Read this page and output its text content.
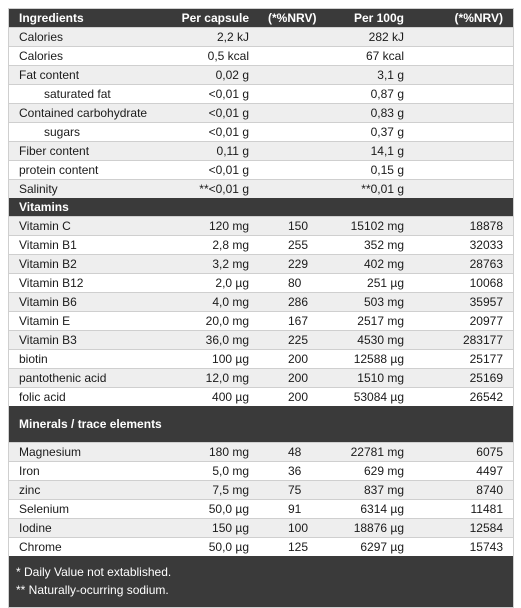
Ingredients	Per capsule	(*%NRV)	Per 100g	(*%NRV)
Calories	2,2 kJ		282 kJ	
Calories	0,5 kcal		67 kcal	
Fat content	0,02 g		3,1 g	
saturated fat	<0,01 g		0,87 g	
Contained carbohydrate	<0,01 g		0,83 g	
sugars	<0,01 g		0,37 g	
Fiber content	0,11 g		14,1 g	
protein content	<0,01 g		0,15 g	
Salinity	**<0,01 g		**0,01 g	
Vitamins				
Vitamin C	120 mg	150	15102 mg	18878
Vitamin B1	2,8 mg	255	352 mg	32033
Vitamin B2	3,2 mg	229	402 mg	28763
Vitamin B12	2,0 µg	80	251 µg	10068
Vitamin B6	4,0 mg	286	503 mg	35957
Vitamin E	20,0 mg	167	2517 mg	20977
Vitamin B3	36,0 mg	225	4530 mg	283177
biotin	100 µg	200	12588 µg	25177
pantothenic acid	12,0 mg	200	1510 mg	25169
folic acid	400 µg	200	53084 µg	26542
Minerals / trace elements				
Magnesium	180 mg	48	22781 mg	6075
Iron	5,0 mg	36	629 mg	4497
zinc	7,5 mg	75	837 mg	8740
Selenium	50,0 µg	91	6314 µg	11481
Iodine	150 µg	100	18876 µg	12584
Chrome	50,0 µg	125	6297 µg	15743
* Daily Value not extablished.
** Naturally-ocurring sodium.
